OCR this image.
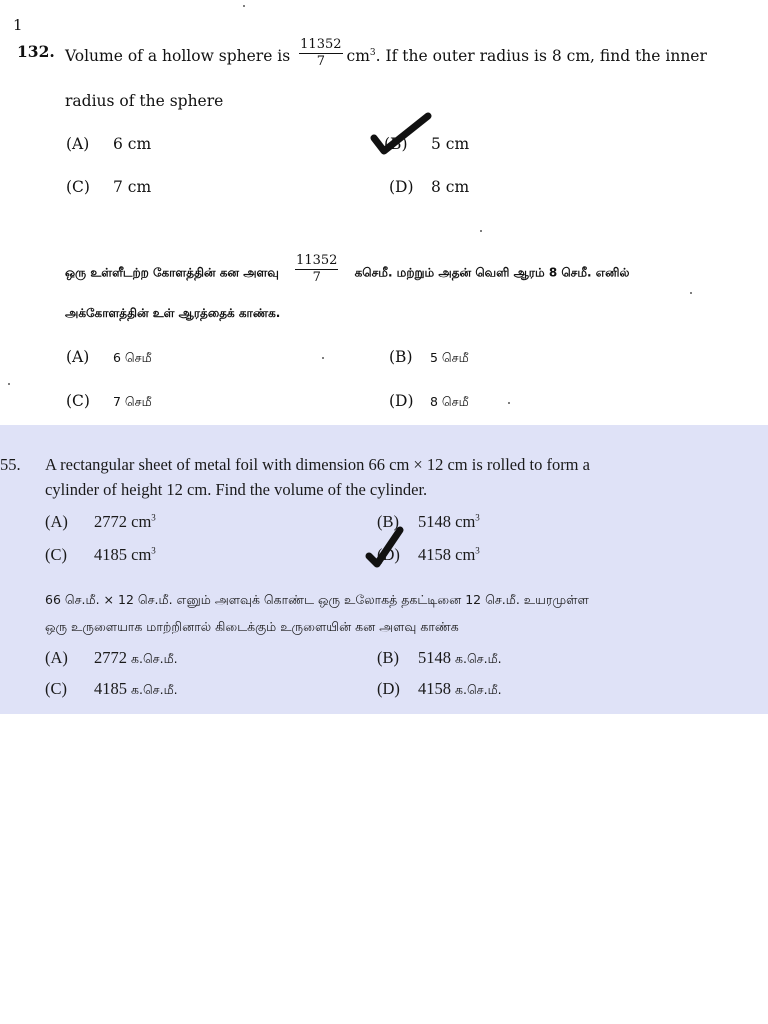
1
132. Volume of a hollow sphere is $\frac{11352}{7} cm^3$. If the outer radius is 8 cm, find the inner
radius of the sphere
(A) 6 cm	(B) 5 cm
(C) 7 cm	(D) 8 cm
ஒரு உள்ளீடற்ற கோளத்தின் கன அளவு $\frac{11352}{7}$ கசெமீ. மற்றும் அதன் வெளி ஆரம் 8 செமீ. எனில்
அக்கோளத்தின் உள் ஆரத்தைக் காண்க.
(A) 6 செமீ	(B) 5 செமீ
(C) 7 செமீ	(D) 8 செமீ
55. A rectangular sheet of metal foil with dimension 66 cm × 12 cm is rolled to form a
cylinder of height 12 cm. Find the volume of the cylinder.
(A) 2772 $cm^3$	(B) 5148 $cm^3$
(C) 4185 $cm^3$	(D) 4158 $cm^3$
66 செ.மீ. × 12 செ.மீ. எனும் அளவுக் கொண்ட ஒரு உலோகத் தகட்டினை 12 செ.மீ. உயரமுள்ள
ஒரு உருளையாக மாற்றினால் கிடைக்கும் உருளையின் கன அளவு காண்க
(A) 2772 க.செ.மீ.	(B) 5148 க.செ.மீ.
(C) 4185 க.செ.மீ.	(D) 4158 க.செ.மீ.
